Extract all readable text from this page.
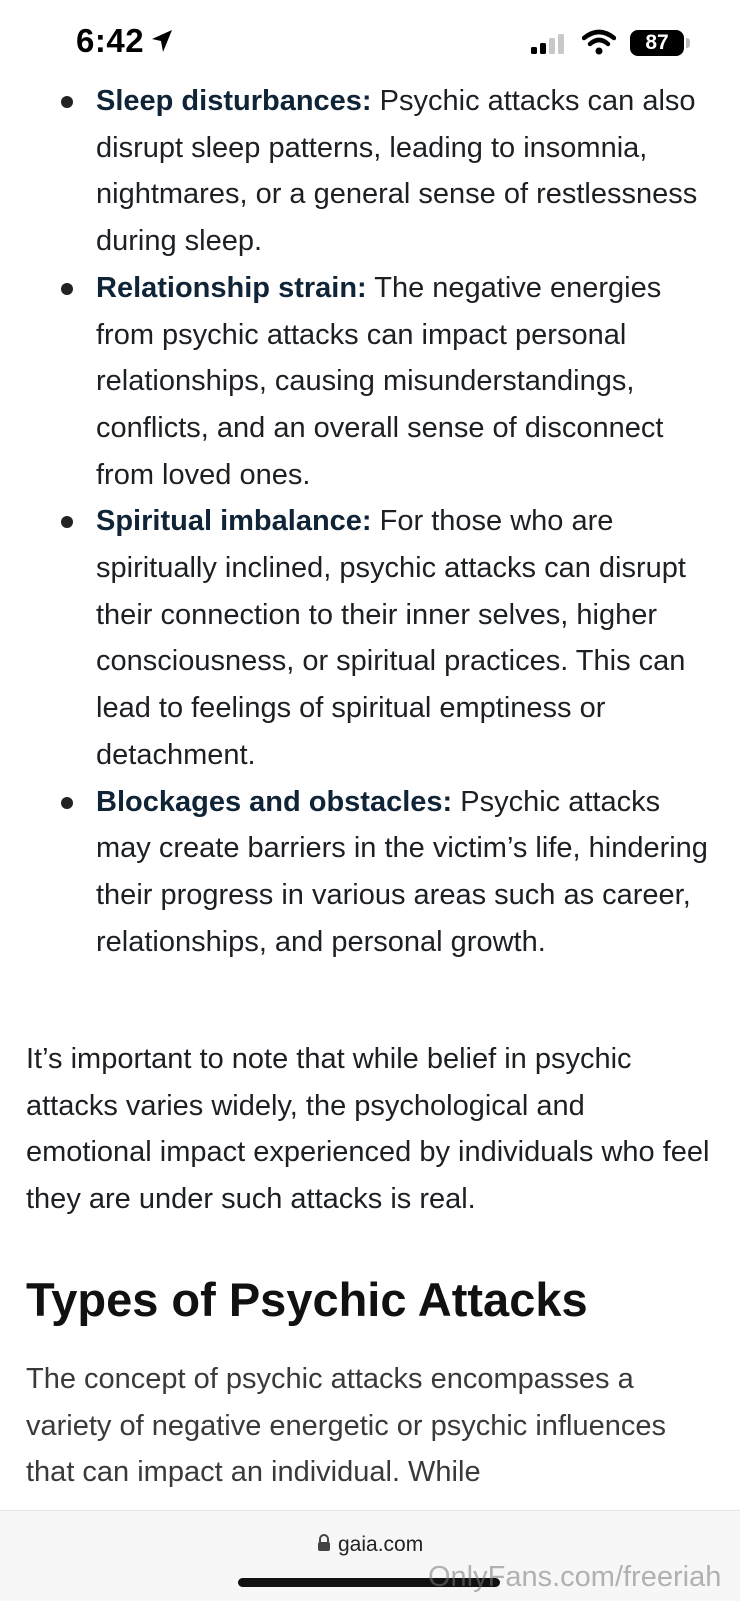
6:42	87
Sleep disturbances: Psychic attacks can also disrupt sleep patterns, leading to insomnia, nightmares, or a general sense of restlessness during sleep.
Relationship strain: The negative energies from psychic attacks can impact personal relationships, causing misunderstandings, conflicts, and an overall sense of disconnect from loved ones.
Spiritual imbalance: For those who are spiritually inclined, psychic attacks can disrupt their connection to their inner selves, higher consciousness, or spiritual practices. This can lead to feelings of spiritual emptiness or detachment.
Blockages and obstacles: Psychic attacks may create barriers in the victim’s life, hindering their progress in various areas such as career, relationships, and personal growth.

It’s important to note that while belief in psychic attacks varies widely, the psychological and emotional impact experienced by individuals who feel they are under such attacks is real.

Types of Psychic Attacks

The concept of psychic attacks encompasses a variety of negative energetic or psychic influences that can impact an individual. While

gaia.com
OnlyFans.com/freeriah
